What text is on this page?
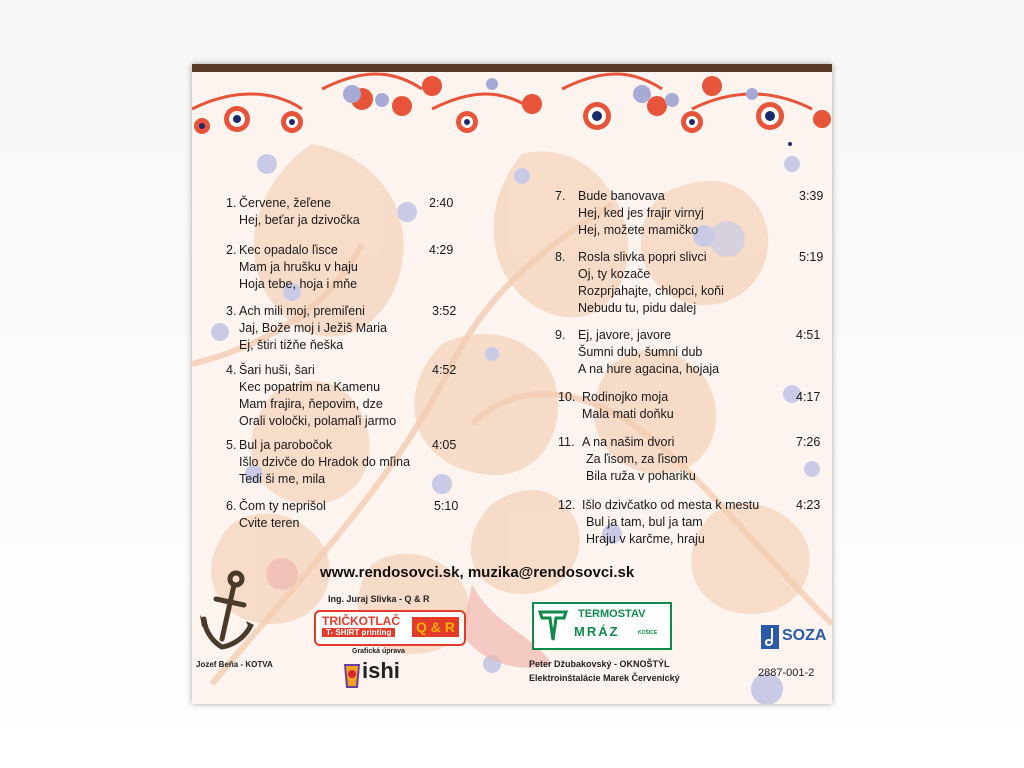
1. Červene, žeľene	2:40
Hej, beťar ja dzivočka
2. Kec opadalo ľisce	4:29
Mam ja hrušku v haju
Hoja tebe, hoja i mňe
3. Ach mili moj, premiľeni	3:52
Jaj, Bože moj i Ježiš Maria
Ej, štiri tižňe ňeška
4. Šari huši, šari	4:52
Kec popatrim na Kamenu
Mam frajira, ňepovim, dze
Orali voločki, polamaľi jarmo
5. Bul ja parobočok	4:05
Išlo dzivče do Hradok do mľina
Tedi ši me, mila
6. Čom ty neprišol	5:10
Cvite teren
7. Bude banovava	3:39
Hej, ked jes frajir virnyj
Hej, možete mamičko
8. Rosla slivka popri slivci	5:19
Oj, ty kozače
Rozprjahajte, chlopci, koňi
Nebudu tu, pidu dalej
9. Ej, javore, javore	4:51
Šumni dub, šumni dub
A na hure agacina, hojaja
10. Rodinojko moja	4:17
Mala mati doňku
11. A na našim dvori	7:26
Za ľisom, za ľisom
Bila ruža v pohariku
12. Išlo dzivčatko od mesta k mestu	4:23
Bul ja tam, bul ja tam
Hraju v karčme, hraju
www.rendosovci.sk, muzika@rendosovci.sk
Jozef Beňa - KOTVA
Ing. Juraj Slivka - Q & R
TRIČKOTLAČ
T- SHIRT printing Q & R
Grafická úprava
ishi
TERMOSTAV
MRÁZ	KOŠICE
Peter Džubakovský - OKNOŠTÝL
Elektroinštalácie Marek Červenický
SOZA
2887-001-2
